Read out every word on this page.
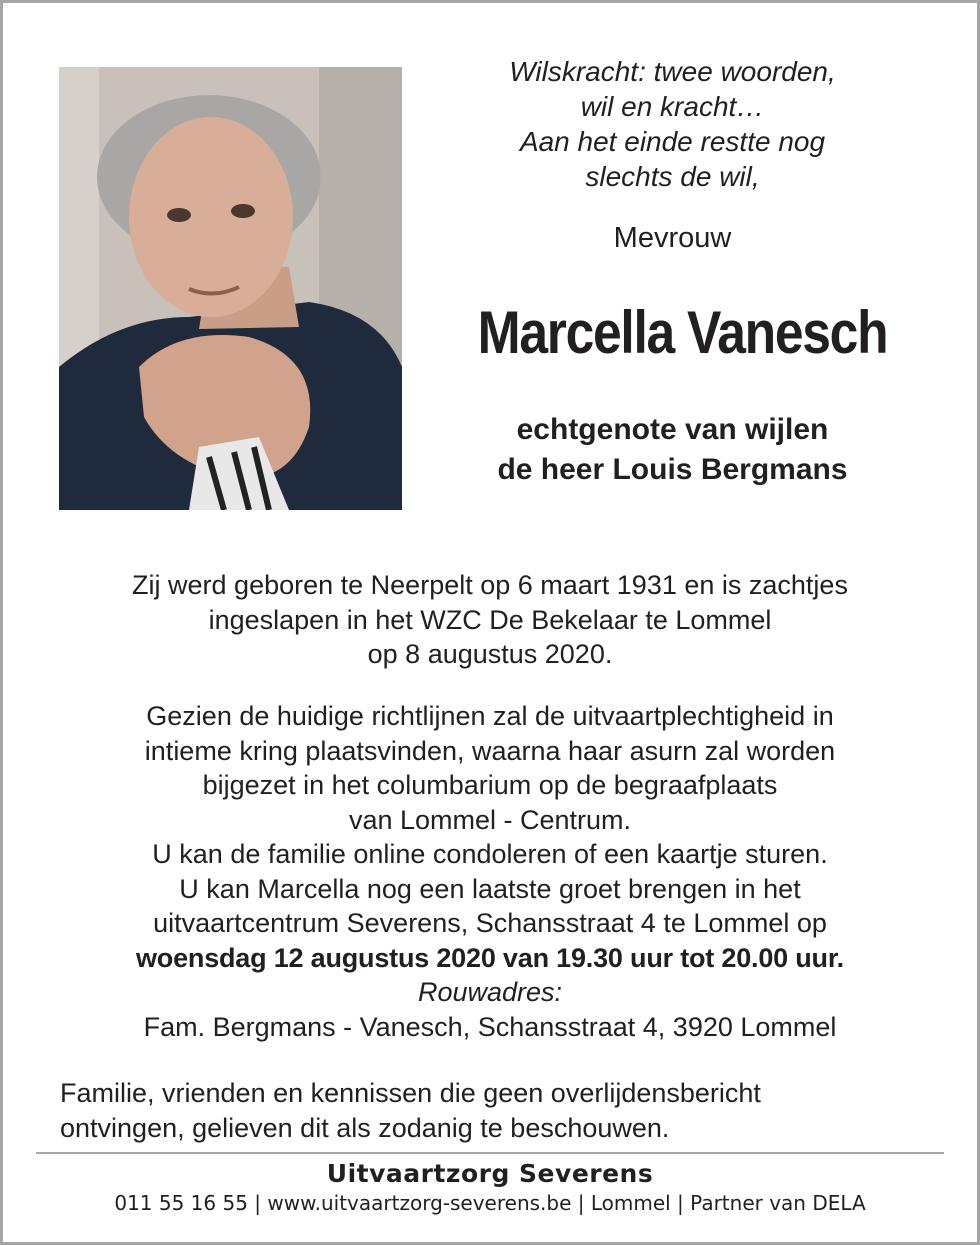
Wilskracht: twee woorden,
wil en kracht…
Aan het einde restte nog
slechts de wil,
Mevrouw
Marcella Vanesch
echtgenote van wijlen
de heer Louis Bergmans
Zij werd geboren te Neerpelt op 6 maart 1931 en is zachtjes
ingeslapen in het WZC De Bekelaar te Lommel
op 8 augustus 2020.
Gezien de huidige richtlijnen zal de uitvaartplechtigheid in
intieme kring plaatsvinden, waarna haar asurn zal worden
bijgezet in het columbarium op de begraafplaats
van Lommel - Centrum.
U kan de familie online condoleren of een kaartje sturen.
U kan Marcella nog een laatste groet brengen in het
uitvaartcentrum Severens, Schansstraat 4 te Lommel op
woensdag 12 augustus 2020 van 19.30 uur tot 20.00 uur.
Rouwadres:
Fam. Bergmans - Vanesch, Schansstraat 4, 3920 Lommel
Familie, vrienden en kennissen die geen overlijdensbericht
ontvingen, gelieven dit als zodanig te beschouwen.
Uitvaartzorg Severens
011 55 16 55 | www.uitvaartzorg-severens.be | Lommel | Partner van DELA
